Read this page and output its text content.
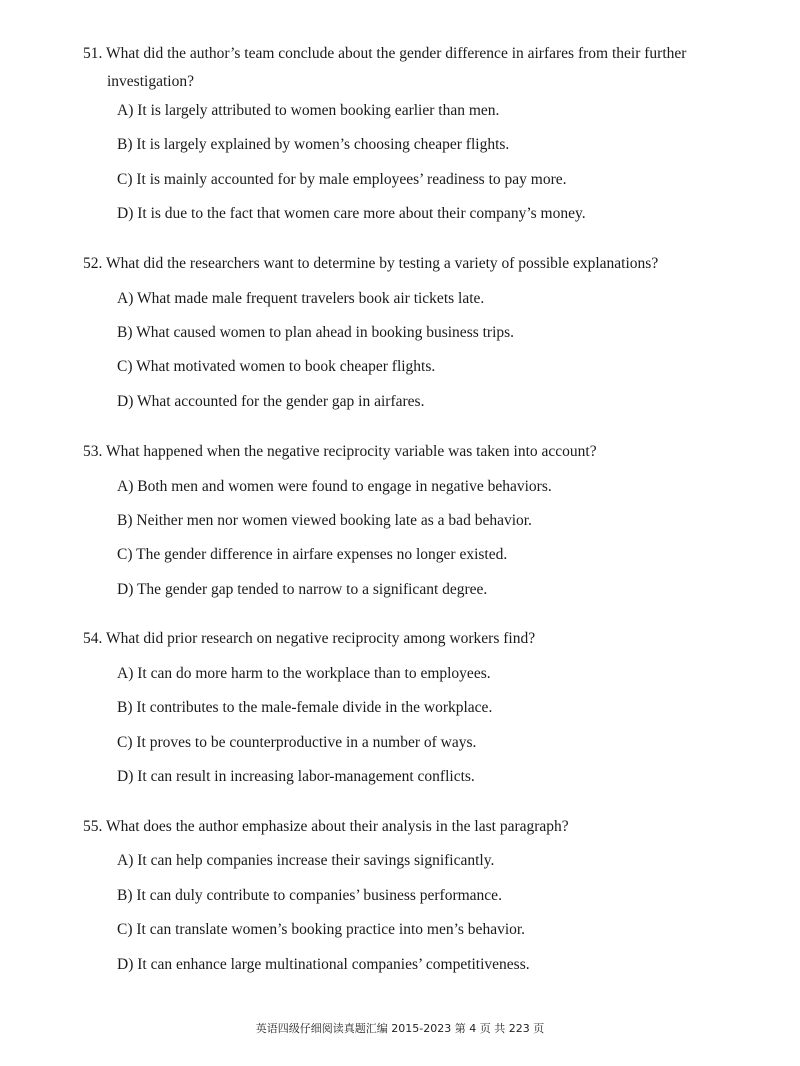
51. What did the author’s team conclude about the gender difference in airfares from their further investigation?

A) It is largely attributed to women booking earlier than men.

B) It is largely explained by women’s choosing cheaper flights.

C) It is mainly accounted for by male employees’ readiness to pay more.

D) It is due to the fact that women care more about their company’s money.

52. What did the researchers want to determine by testing a variety of possible explanations?

A) What made male frequent travelers book air tickets late.

B) What caused women to plan ahead in booking business trips.

C) What motivated women to book cheaper flights.

D) What accounted for the gender gap in airfares.

53. What happened when the negative reciprocity variable was taken into account?

A) Both men and women were found to engage in negative behaviors.

B) Neither men nor women viewed booking late as a bad behavior.

C) The gender difference in airfare expenses no longer existed.

D) The gender gap tended to narrow to a significant degree.

54. What did prior research on negative reciprocity among workers find?

A) It can do more harm to the workplace than to employees.

B) It contributes to the male-female divide in the workplace.

C) It proves to be counterproductive in a number of ways.

D) It can result in increasing labor-management conflicts.

55. What does the author emphasize about their analysis in the last paragraph?

A) It can help companies increase their savings significantly.

B) It can duly contribute to companies’ business performance.

C) It can translate women’s booking practice into men’s behavior.

D) It can enhance large multinational companies’ competitiveness.

英语四级仔细阅读真题汇编 2015-2023 第 4 页 共 223 页
